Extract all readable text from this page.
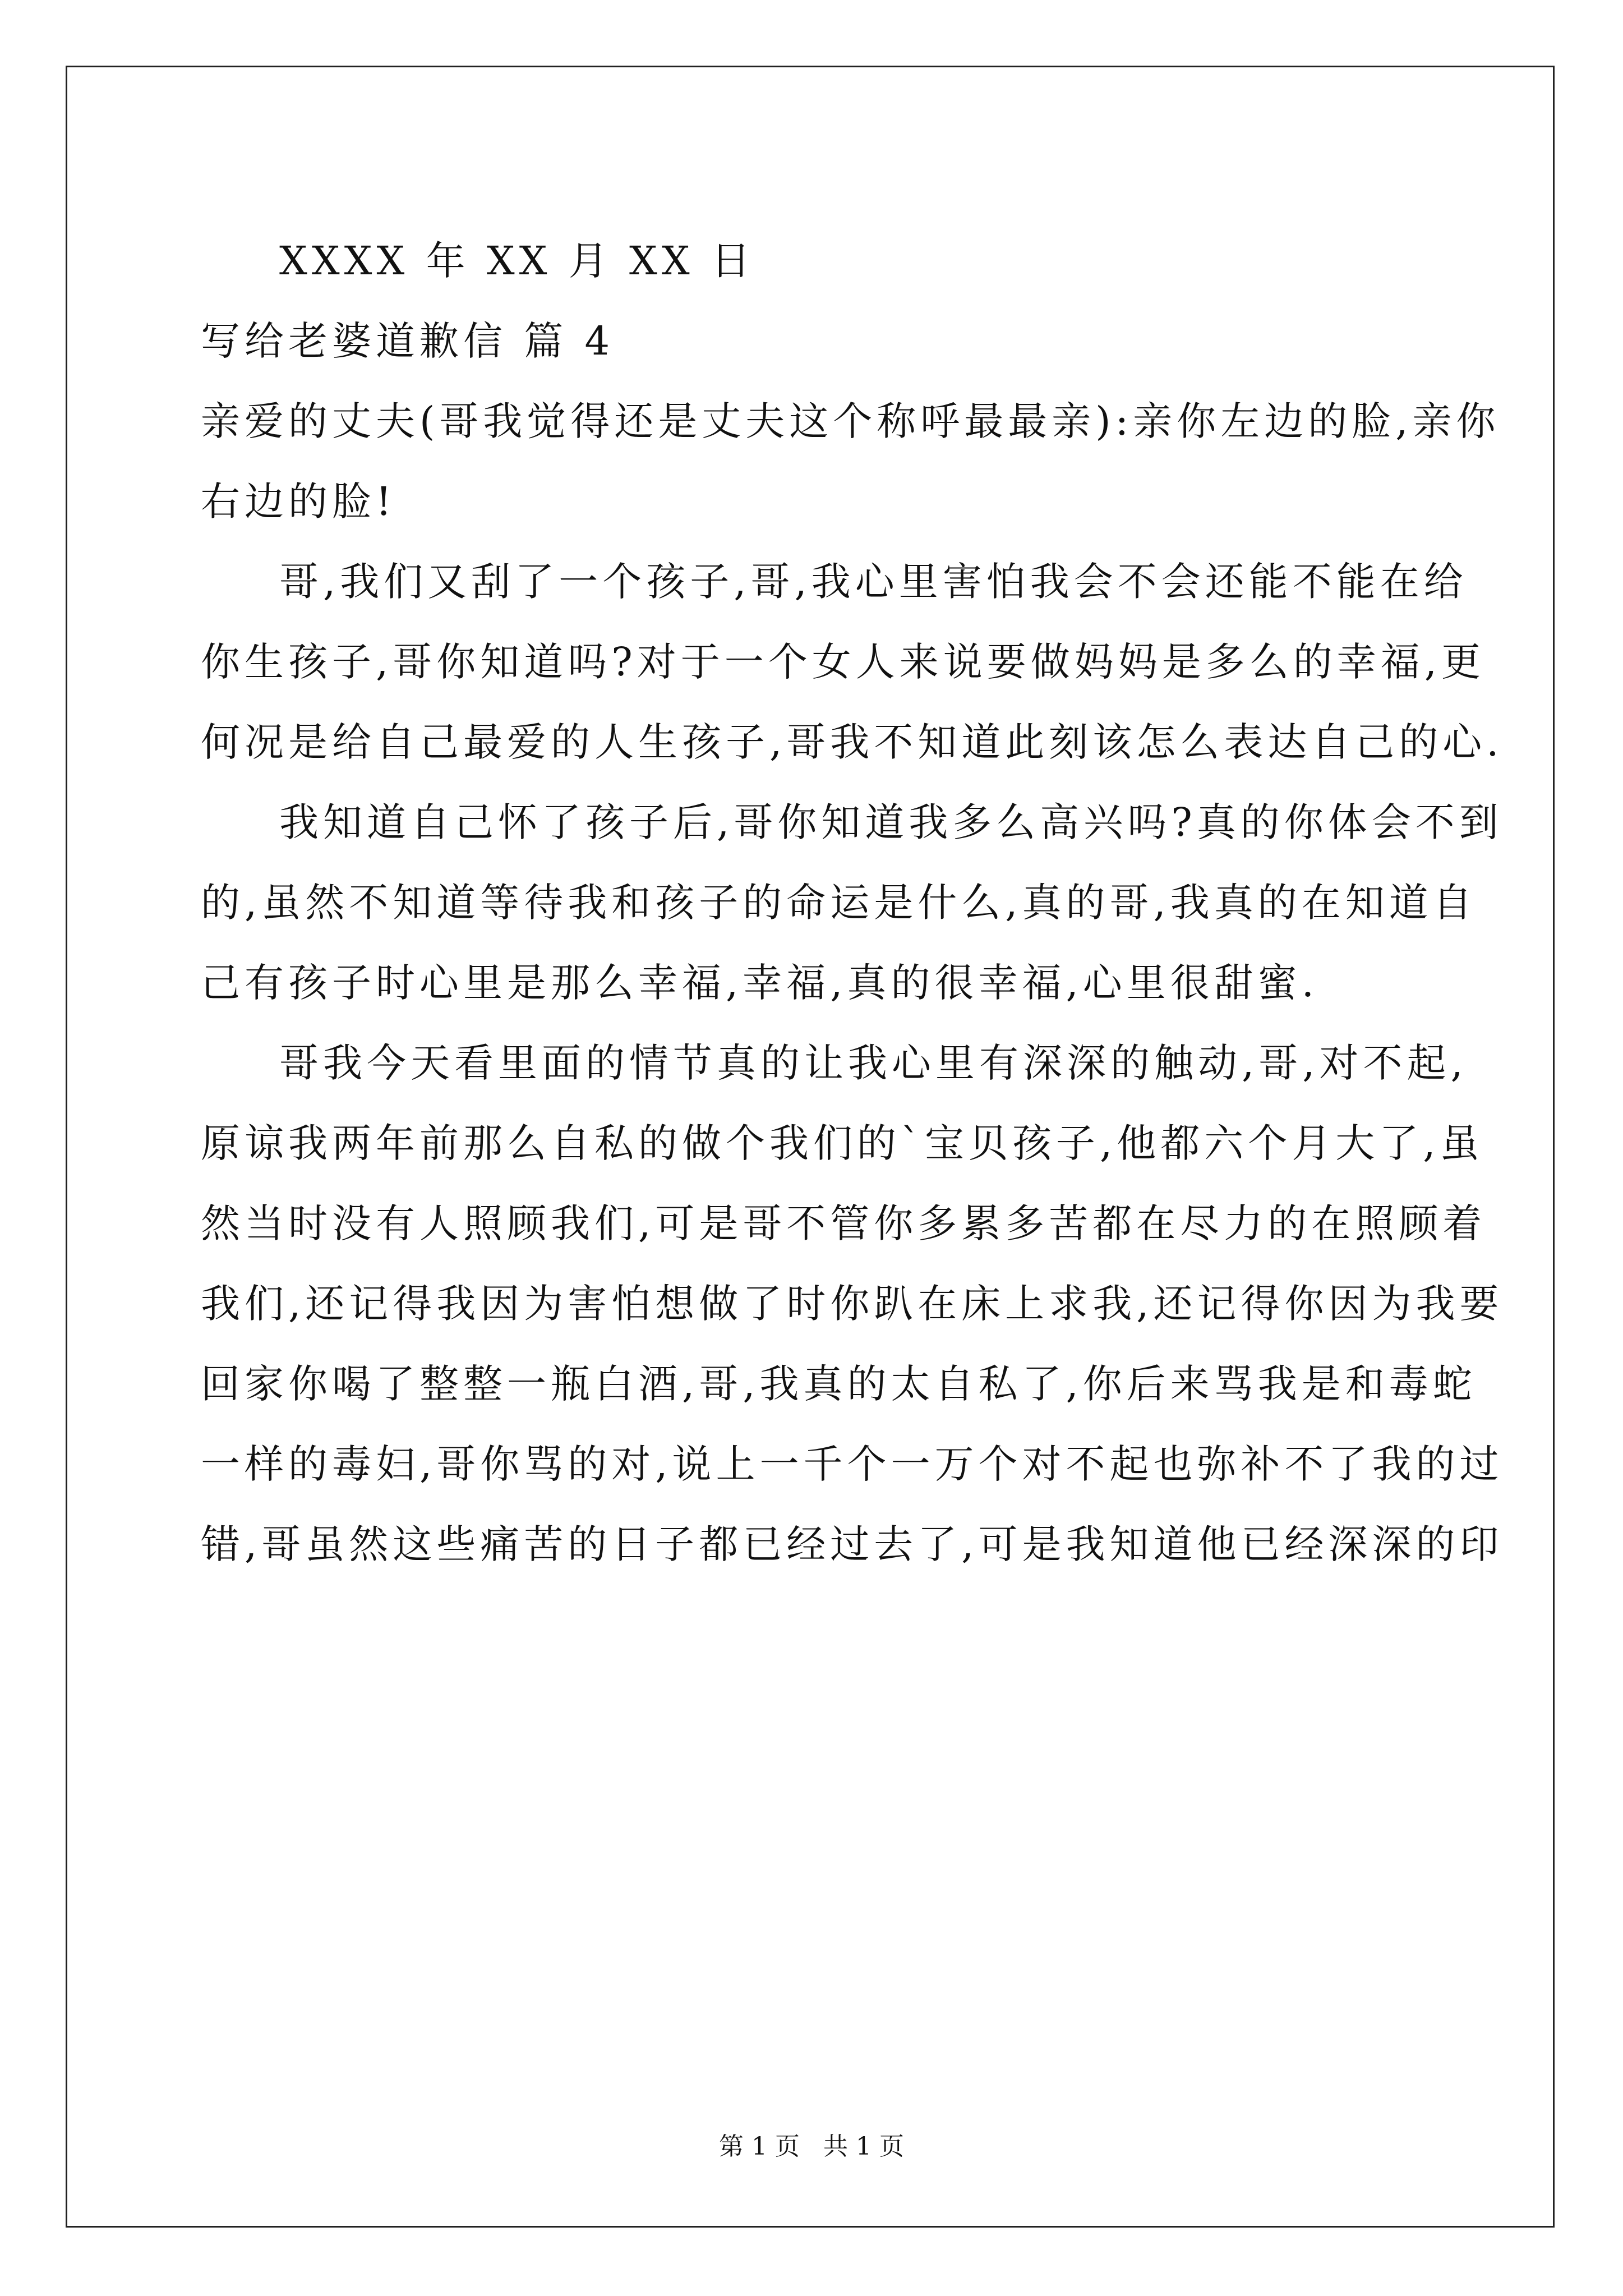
XXXX 年 XX 月 XX 日
写给老婆道歉信 篇 4
亲爱的丈夫(哥我觉得还是丈夫这个称呼最最亲):亲你左边的脸,亲你
右边的脸!
哥,我们又刮了一个孩子,哥,我心里害怕我会不会还能不能在给
你生孩子,哥你知道吗?对于一个女人来说要做妈妈是多么的幸福,更
何况是给自己最爱的人生孩子,哥我不知道此刻该怎么表达自己的心.
我知道自己怀了孩子后,哥你知道我多么高兴吗?真的你体会不到
的,虽然不知道等待我和孩子的命运是什么,真的哥,我真的在知道自
己有孩子时心里是那么幸福,幸福,真的很幸福,心里很甜蜜.
哥我今天看里面的情节真的让我心里有深深的触动,哥,对不起,
原谅我两年前那么自私的做个我们的`宝贝孩子,他都六个月大了,虽
然当时没有人照顾我们,可是哥不管你多累多苦都在尽力的在照顾着
我们,还记得我因为害怕想做了时你趴在床上求我,还记得你因为我要
回家你喝了整整一瓶白酒,哥,我真的太自私了,你后来骂我是和毒蛇
一样的毒妇,哥你骂的对,说上一千个一万个对不起也弥补不了我的过
错,哥虽然这些痛苦的日子都已经过去了,可是我知道他已经深深的印
第 1 页 共 1 页
